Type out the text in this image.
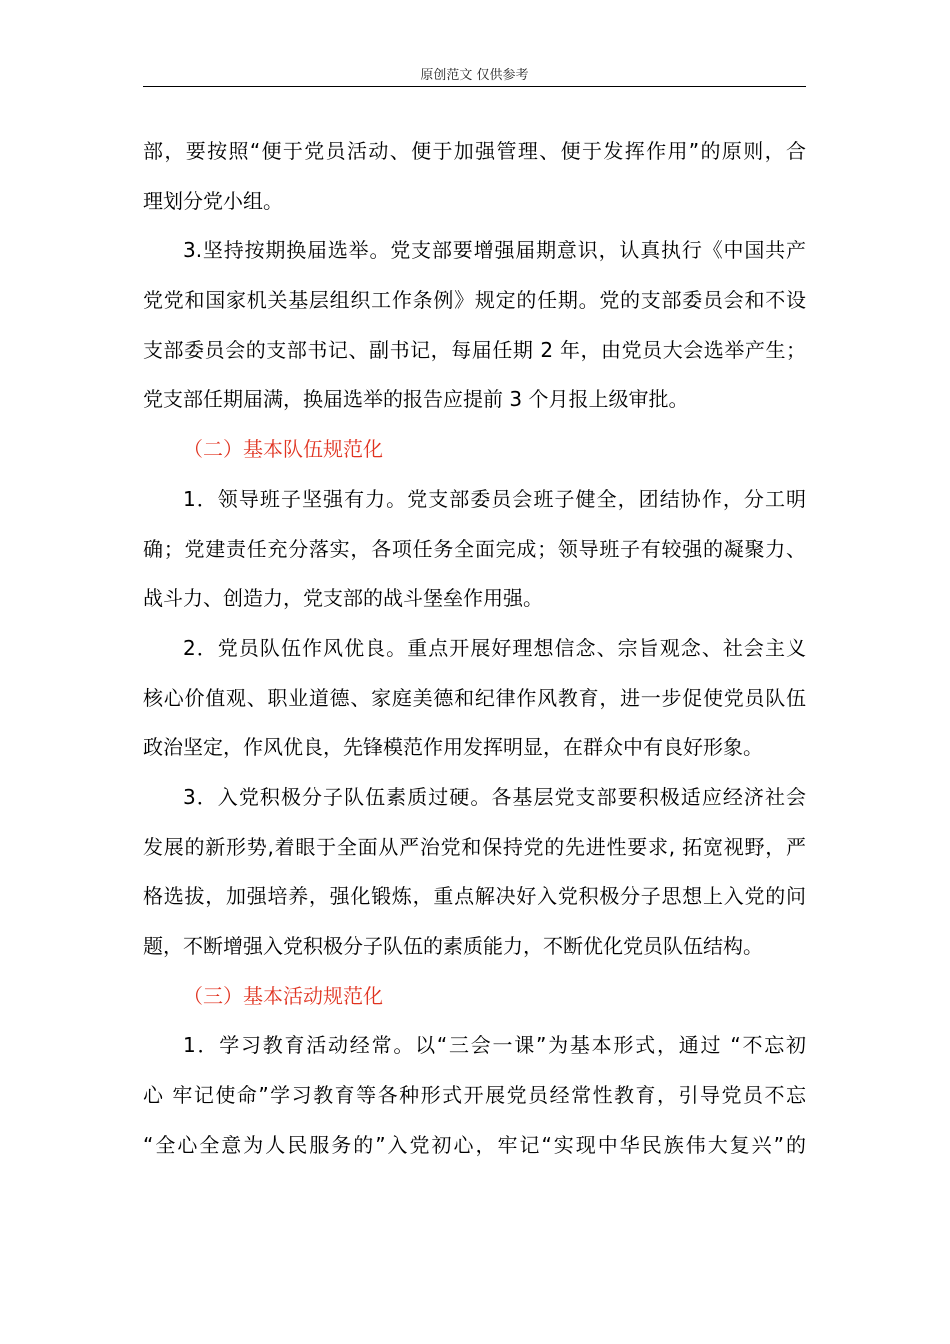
原创范文 仅供参考
部，要按照“便于党员活动、便于加强管理、便于发挥作用”的原则，合
理划分党小组。
3.坚持按期换届选举。党支部要增强届期意识，认真执行《中国共产
党党和国家机关基层组织工作条例》规定的任期。党的支部委员会和不设
支部委员会的支部书记、副书记，每届任期 2 年，由党员大会选举产生；
党支部任期届满，换届选举的报告应提前 3 个月报上级审批。
（二）基本队伍规范化
1．领导班子坚强有力。党支部委员会班子健全，团结协作，分工明
确；党建责任充分落实，各项任务全面完成；领导班子有较强的凝聚力、
战斗力、创造力，党支部的战斗堡垒作用强。
2．党员队伍作风优良。重点开展好理想信念、宗旨观念、社会主义
核心价值观、职业道德、家庭美德和纪律作风教育，进一步促使党员队伍
政治坚定，作风优良，先锋模范作用发挥明显，在群众中有良好形象。
3．入党积极分子队伍素质过硬。各基层党支部要积极适应经济社会
发展的新形势,着眼于全面从严治党和保持党的先进性要求, 拓宽视野，严
格选拔，加强培养，强化锻炼，重点解决好入党积极分子思想上入党的问
题，不断增强入党积极分子队伍的素质能力，不断优化党员队伍结构。
（三）基本活动规范化
1．学习教育活动经常。以“三会一课”为基本形式，通过 “不忘初
心 牢记使命”学习教育等各种形式开展党员经常性教育，引导党员不忘
“全心全意为人民服务的”入党初心，牢记“实现中华民族伟大复兴”的
